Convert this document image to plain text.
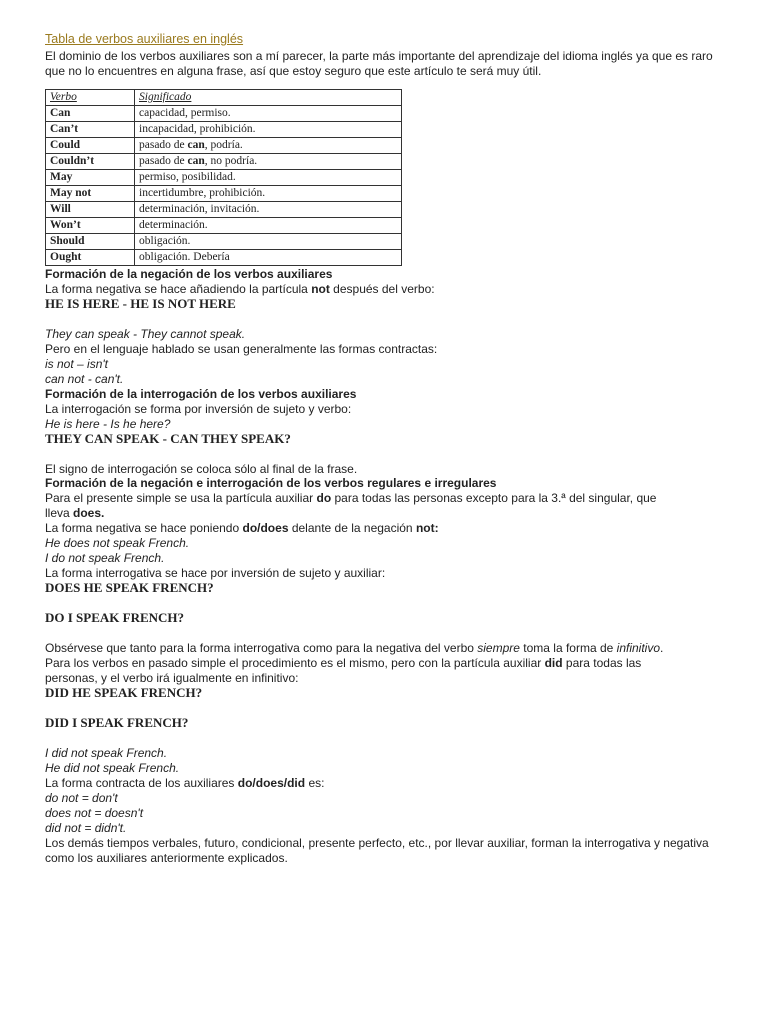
Tabla de verbos auxiliares en inglés
El dominio de los verbos auxiliares son a mí parecer, la parte más importante del aprendizaje del idioma inglés ya que es raro que no lo encuentres en alguna frase, así que estoy seguro que este artículo te será muy útil.
Verbo	Significado
Can	capacidad, permiso.
Can’t	incapacidad, prohibición.
Could	pasado de can, podría.
Couldn’t	pasado de can, no podría.
May	permiso, posibilidad.
May not	incertidumbre, prohibición.
Will	determinación, invitación.
Won’t	determinación.
Should	obligación.
Ought	obligación. Debería
Formación de la negación de los verbos auxiliares
La forma negativa se hace añadiendo la partícula not después del verbo:
HE IS HERE - HE IS NOT HERE
They can speak - They cannot speak.
Pero en el lenguaje hablado se usan generalmente las formas contractas:
is not – isn't
can not - can't.
Formación de la interrogación de los verbos auxiliares
La interrogación se forma por inversión de sujeto y verbo:
He is here - Is he here?
THEY CAN SPEAK - CAN THEY SPEAK?
El signo de interrogación se coloca sólo al final de la frase.
Formación de la negación e interrogación de los verbos regulares e irregulares
Para el presente simple se usa la partícula auxiliar do para todas las personas excepto para la 3.ª del singular, que
lleva does.
La forma negativa se hace poniendo do/does delante de la negación not:
He does not speak French.
I do not speak French.
La forma interrogativa se hace por inversión de sujeto y auxiliar:
DOES HE SPEAK FRENCH?
DO I SPEAK FRENCH?
Obsérvese que tanto para la forma interrogativa como para la negativa del verbo siempre toma la forma de infinitivo.
Para los verbos en pasado simple el procedimiento es el mismo, pero con la partícula auxiliar did para todas las
personas, y el verbo irá igualmente en infinitivo:
DID HE SPEAK FRENCH?
DID I SPEAK FRENCH?
I did not speak French.
He did not speak French.
La forma contracta de los auxiliares do/does/did es:
do not = don't
does not = doesn't
did not = didn't.
Los demás tiempos verbales, futuro, condicional, presente perfecto, etc., por llevar auxiliar, forman la interrogativa y negativa como los auxiliares anteriormente explicados.
